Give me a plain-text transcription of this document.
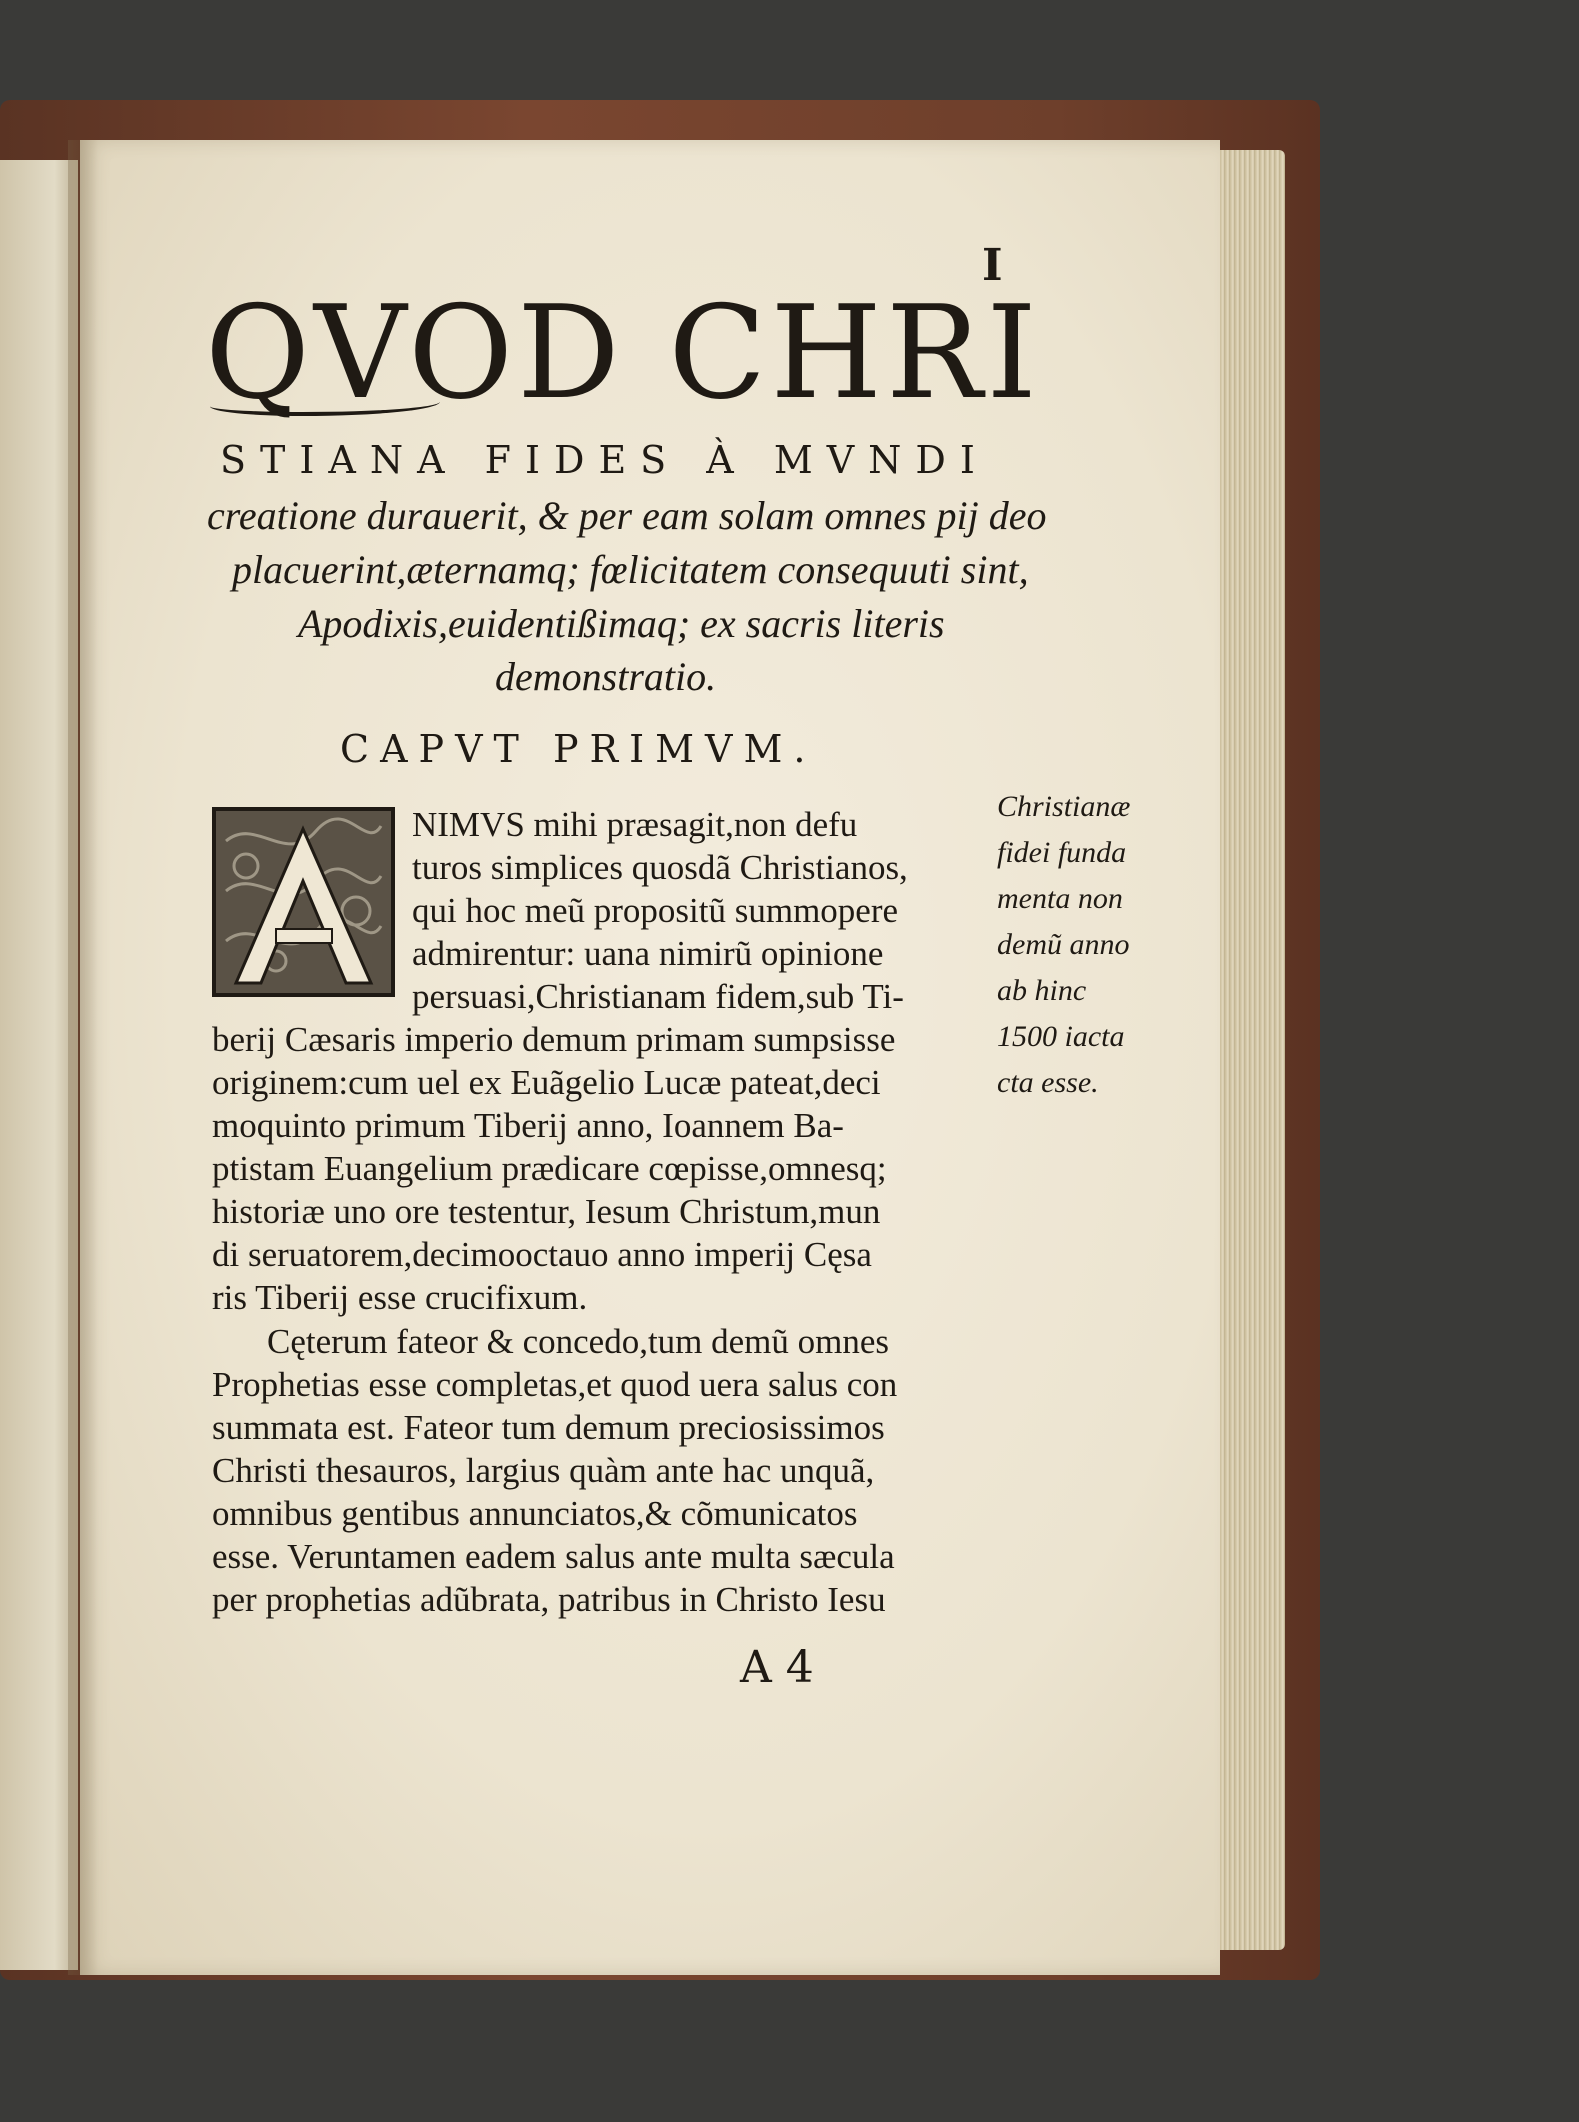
I
QVOD CHRI
STIANA FIDES À MVNDI
creatione durauerit, & per eam solam omnes pij deo
placuerint,æternamq; fœlicitatem consequuti sint,
Apodixis,euidentißimaq; ex sacris literis
demonstratio.
CAPVT PRIMVM.
NIMVS mihi præsagit,non defu
turos simplices quosdã Christianos,
qui hoc meũ propositũ summopere
admirentur: uana nimirũ opinione
persuasi,Christianam fidem,sub Ti-
berij Cæsaris imperio demum primam sumpsisse
originem:cum uel ex Euãgelio Lucæ pateat,deci
moquinto primum Tiberij anno, Ioannem Ba-
ptistam Euangelium prædicare cœpisse,omnesq;
historiæ uno ore testentur, Iesum Christum,mun
di seruatorem,decimooctauo anno imperij Cęsa
ris Tiberij esse crucifixum.
Cęterum fateor & concedo,tum demũ omnes
Prophetias esse completas,et quod uera salus con
summata est. Fateor tum demum preciosissimos
Christi thesauros, largius quàm ante hac unquã,
omnibus gentibus annunciatos,& cõmunicatos
esse. Veruntamen eadem salus ante multa sæcula
per prophetias adũbrata, patribus in Christo Iesu
Christianæ
fidei funda
menta non
demũ anno
ab hinc
1500 iacta
cta esse.
A 4
